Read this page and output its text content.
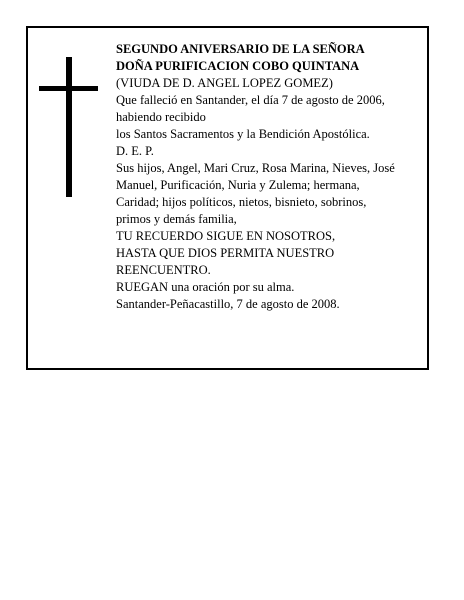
SEGUNDO ANIVERSARIO DE LA SEÑORA
DOÑA PURIFICACION COBO QUINTANA
(VIUDA DE D. ANGEL LOPEZ GOMEZ)
Que falleció en Santander, el día 7 de agosto de 2006,
habiendo recibido
los Santos Sacramentos y la Bendición Apostólica.
D. E. P.
Sus hijos, Angel, Mari Cruz, Rosa Marina, Nieves, José
Manuel, Purificación, Nuria y Zulema; hermana,
Caridad; hijos políticos, nietos, bisnieto, sobrinos,
primos y demás familia,
TU RECUERDO SIGUE EN NOSOTROS,
HASTA QUE DIOS PERMITA NUESTRO
REENCUENTRO.
RUEGAN una oración por su alma.
Santander-Peñacastillo, 7 de agosto de 2008.
